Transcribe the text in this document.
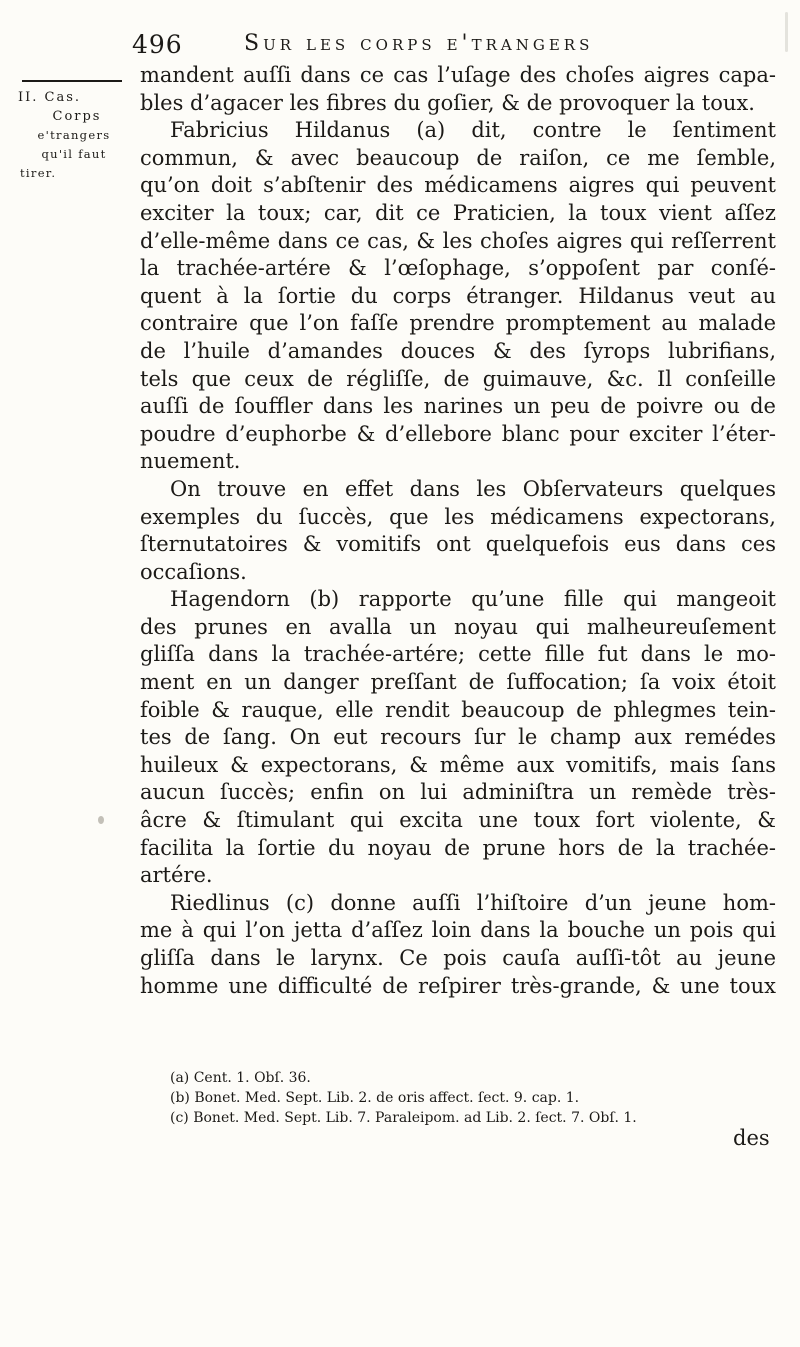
496	Sur les corps e'trangers
II. Cas.
Corps
e'trangers
qu'il faut
tirer.
mandent auſſi dans ce cas l’uſage des choſes aigres capa-
bles d’agacer les fibres du goſier, & de provoquer la toux.
Fabricius Hildanus (a) dit, contre le ſentiment
commun, & avec beaucoup de raiſon, ce me ſemble,
qu’on doit s’abſtenir des médicamens aigres qui peuvent
exciter la toux; car, dit ce Praticien, la toux vient aſſez
d’elle-même dans ce cas, & les choſes aigres qui reſſerrent
la trachée-artére & l’œſophage, s’oppoſent par conſé-
quent à la ſortie du corps étranger. Hildanus veut au
contraire que l’on faſſe prendre promptement au malade
de l’huile d’amandes douces & des ſyrops lubrifians,
tels que ceux de régliſſe, de guimauve, &c. Il conſeille
auſſi de ſouffler dans les narines un peu de poivre ou de
poudre d’euphorbe & d’ellebore blanc pour exciter l’éter-
nuement.
On trouve en effet dans les Obſervateurs quelques
exemples du ſuccès, que les médicamens expectorans,
ſternutatoires & vomitifs ont quelquefois eus dans ces
occaſions.
Hagendorn (b) rapporte qu’une fille qui mangeoit
des prunes en avalla un noyau qui malheureuſement
gliſſa dans la trachée-artére; cette fille fut dans le mo-
ment en un danger preſſant de ſuffocation; ſa voix étoit
foible & rauque, elle rendit beaucoup de phlegmes tein-
tes de ſang. On eut recours ſur le champ aux remédes
huileux & expectorans, & même aux vomitifs, mais ſans
aucun ſuccès; enfin on lui adminiſtra un remède très-
âcre & ſtimulant qui excita une toux fort violente, &
facilita la ſortie du noyau de prune hors de la trachée-
artére.
Riedlinus (c) donne auſſi l’hiſtoire d’un jeune hom-
me à qui l’on jetta d’aſſez loin dans la bouche un pois qui
gliſſa dans le larynx. Ce pois cauſa auſſi-tôt au jeune
homme une difficulté de reſpirer très-grande, & une toux
(a) Cent. 1. Obſ. 36.
(b) Bonet. Med. Sept. Lib. 2. de oris affect. ſect. 9. cap. 1.
(c) Bonet. Med. Sept. Lib. 7. Paraleipom. ad Lib. 2. ſect. 7. Obſ. 1.
des
